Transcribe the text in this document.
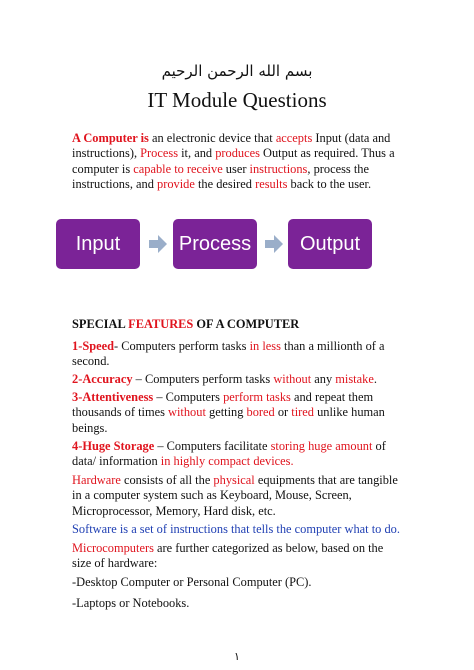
بسم الله الرحمن الرحيم
IT Module Questions
A Computer is an electronic device that accepts Input (data and instructions), Process it, and produces Output as required. Thus a computer is capable to receive user instructions, process the instructions, and provide the desired results back to the user.
Input	Process	Output
SPECIAL FEATURES OF A COMPUTER
1-Speed- Computers perform tasks in less than a millionth of a second.
2-Accuracy – Computers perform tasks without any mistake.
3-Attentiveness – Computers perform tasks and repeat them thousands of times without getting bored or tired unlike human beings.
4-Huge Storage – Computers facilitate storing huge amount of data/ information in highly compact devices.
Hardware consists of all the physical equipments that are tangible in a computer system such as Keyboard, Mouse, Screen, Microprocessor, Memory, Hard disk, etc.
Software is a set of instructions that tells the computer what to do.
Microcomputers are further categorized as below, based on the size of hardware:
-Desktop Computer or Personal Computer (PC).
-Laptops or Notebooks.
١
